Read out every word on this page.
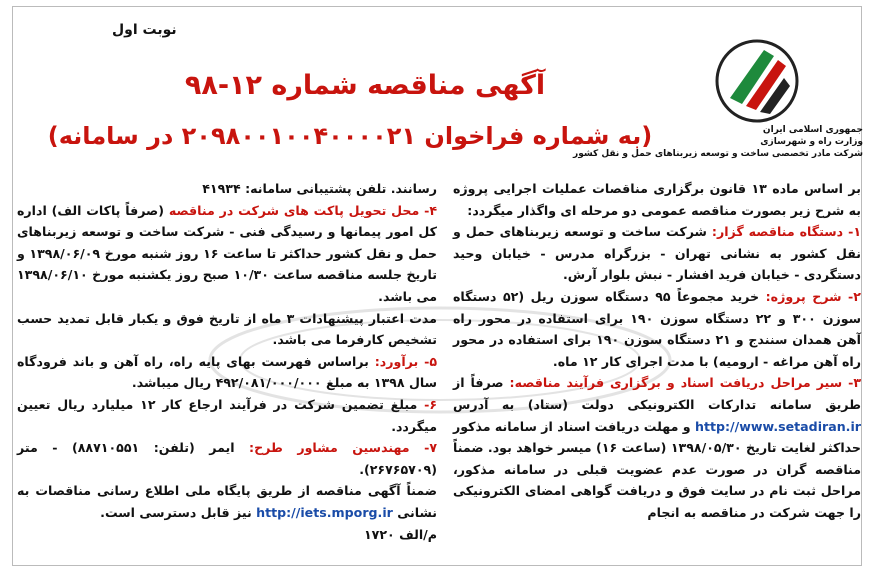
نوبت اول
جمهوری اسلامی ایران
وزارت راه و شهرسازی
شرکت مادر تخصصی ساخت و توسعه زیربناهای حمل و نقل کشور
آگهی مناقصه شماره ۱۲-۹۸
(به شماره فراخوان ۲۰۹۸۰۰۱۰۰۴۰۰۰۰۲۱ در سامانه)

بر اساس ماده ۱۳ قانون برگزاری مناقصات عملیات اجرایی پروژه به شرح زیر بصورت مناقصه عمومی دو مرحله ای واگذار میگردد:

۱- دستگاه مناقصه گزار: شرکت ساخت و توسعه زیربناهای حمل و نقل کشور به نشانی تهران - بزرگراه مدرس - خیابان وحید دستگردی - خیابان فرید افشار - نبش بلوار آرش.

۲- شرح پروژه: خرید مجموعاً ۹۵ دستگاه سوزن ریل (۵۲ دستگاه سوزن ۳۰۰ و ۲۲ دستگاه سوزن ۱۹۰ برای استفاده در محور راه آهن همدان سنندج و ۲۱ دستگاه سوزن ۱۹۰ برای استفاده در محور راه آهن مراغه - ارومیه) با مدت اجرای کار ۱۲ ماه.

۳- سیر مراحل دریافت اسناد و برگزاری فرآیند مناقصه: صرفاً از طریق سامانه تدارکات الکترونیکی دولت (ستاد) به آدرس http://www.setadiran.ir و مهلت دریافت اسناد از سامانه مذکور حداکثر لغایت تاریخ ۱۳۹۸/۰۵/۳۰ (ساعت ۱۶) میسر خواهد بود. ضمناً مناقصه گران در صورت عدم عضویت قبلی در سامانه مذکور، مراحل ثبت نام در سایت فوق و دریافت گواهی امضای الکترونیکی را جهت شرکت در مناقصه به انجام

رسانند. تلفن پشتیبانی سامانه: ۴۱۹۳۴

۴- محل تحویل پاکت های شرکت در مناقصه (صرفاً پاکات الف) اداره کل امور پیمانها و رسیدگی فنی - شرکت ساخت و توسعه زیربناهای حمل و نقل کشور حداکثر تا ساعت ۱۶ روز شنبه مورخ ۱۳۹۸/۰۶/۰۹ و تاریخ جلسه مناقصه ساعت ۱۰/۳۰ صبح روز یکشنبه مورخ ۱۳۹۸/۰۶/۱۰ می باشد.

مدت اعتبار پیشنهادات ۳ ماه از تاریخ فوق و یکبار قابل تمدید حسب تشخیص کارفرما می باشد.

۵- برآورد: براساس فهرست بهای پایه راه، راه آهن و باند فرودگاه سال ۱۳۹۸ به مبلغ ۴۹۲/۰۸۱/۰۰۰/۰۰۰ ریال میباشد.

۶- مبلغ تضمین شرکت در فرآیند ارجاع کار ۱۲ میلیارد ریال تعیین میگردد.

۷- مهندسین مشاور طرح: ایمر (تلفن: ۸۸۷۱۰۵۵۱) - متر (۲۶۷۶۵۷۰۹).

ضمناً آگهی مناقصه از طریق پایگاه ملی اطلاع رسانی مناقصات به نشانی http://iets.mporg.ir نیز قابل دسترسی است.

م/الف ۱۷۲۰
